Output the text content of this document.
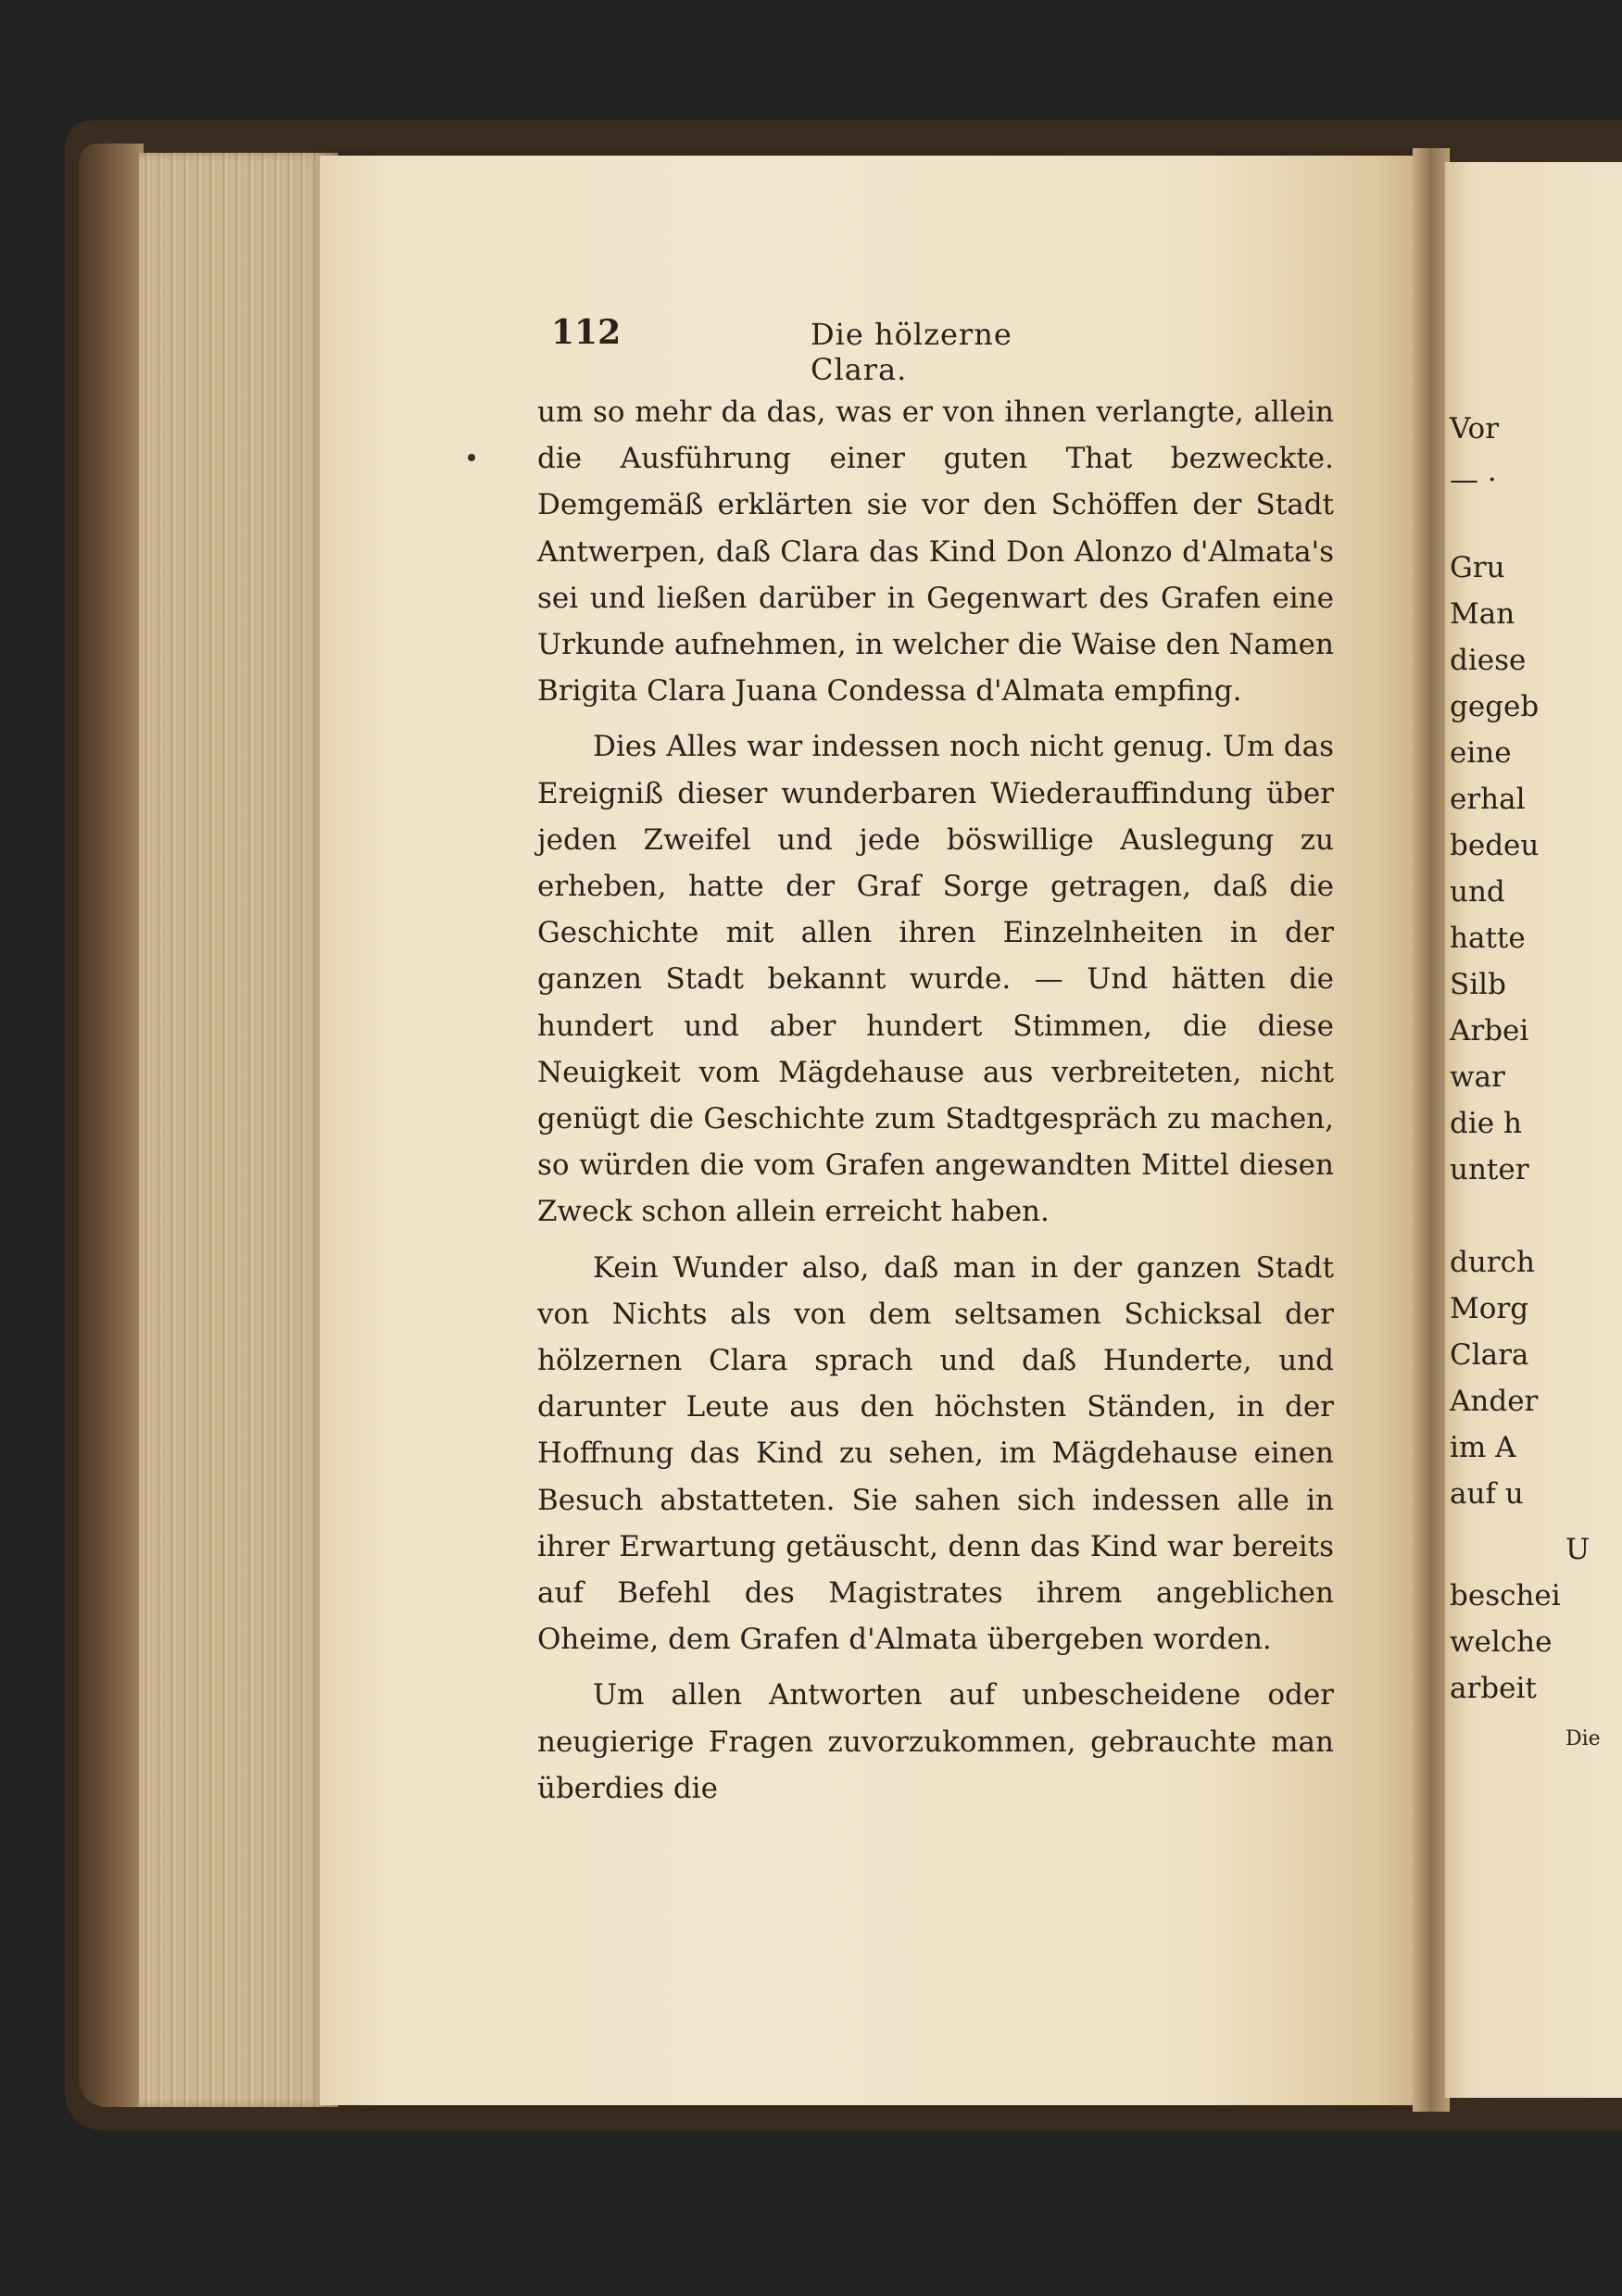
112	Die hölzerne Clara.

um so mehr da das, was er von ihnen verlangte, allein die Ausführung einer guten That bezweckte. Demgemäß erklärten sie vor den Schöffen der Stadt Antwerpen, daß Clara das Kind Don Alonzo d'Almata's sei und ließen darüber in Gegenwart des Grafen eine Urkunde aufnehmen, in welcher die Waise den Namen Brigita Clara Juana Condessa d'Almata empfing.

Dies Alles war indessen noch nicht genug. Um das Ereigniß dieser wunderbaren Wiederauffindung über jeden Zweifel und jede böswillige Auslegung zu erheben, hatte der Graf Sorge getragen, daß die Geschichte mit allen ihren Einzelnheiten in der ganzen Stadt bekannt wurde. — Und hätten die hundert und aber hundert Stimmen, die diese Neuigkeit vom Mägdehause aus verbreiteten, nicht genügt die Geschichte zum Stadtgespräch zu machen, so würden die vom Grafen angewandten Mittel diesen Zweck schon allein erreicht haben.

Kein Wunder also, daß man in der ganzen Stadt von Nichts als von dem seltsamen Schicksal der hölzernen Clara sprach und daß Hunderte, und darunter Leute aus den höchsten Ständen, in der Hoffnung das Kind zu sehen, im Mägdehause einen Besuch abstatteten. Sie sahen sich indessen alle in ihrer Erwartung getäuscht, denn das Kind war bereits auf Befehl des Magistrates ihrem angeblichen Oheime, dem Grafen d'Almata übergeben worden.

Um allen Antworten auf unbescheidene oder neugierige Fragen zuvorzukommen, gebrauchte man überdies die

Vor
— ·
Gru
Man
diese
gegeb
eine
erhal
bedeu
und
hatte
Silb
Arbei
war
die h
unter
durch
Morg
Clara
Ander
im A
auf u
U
beschei
welche
arbeit
Die
